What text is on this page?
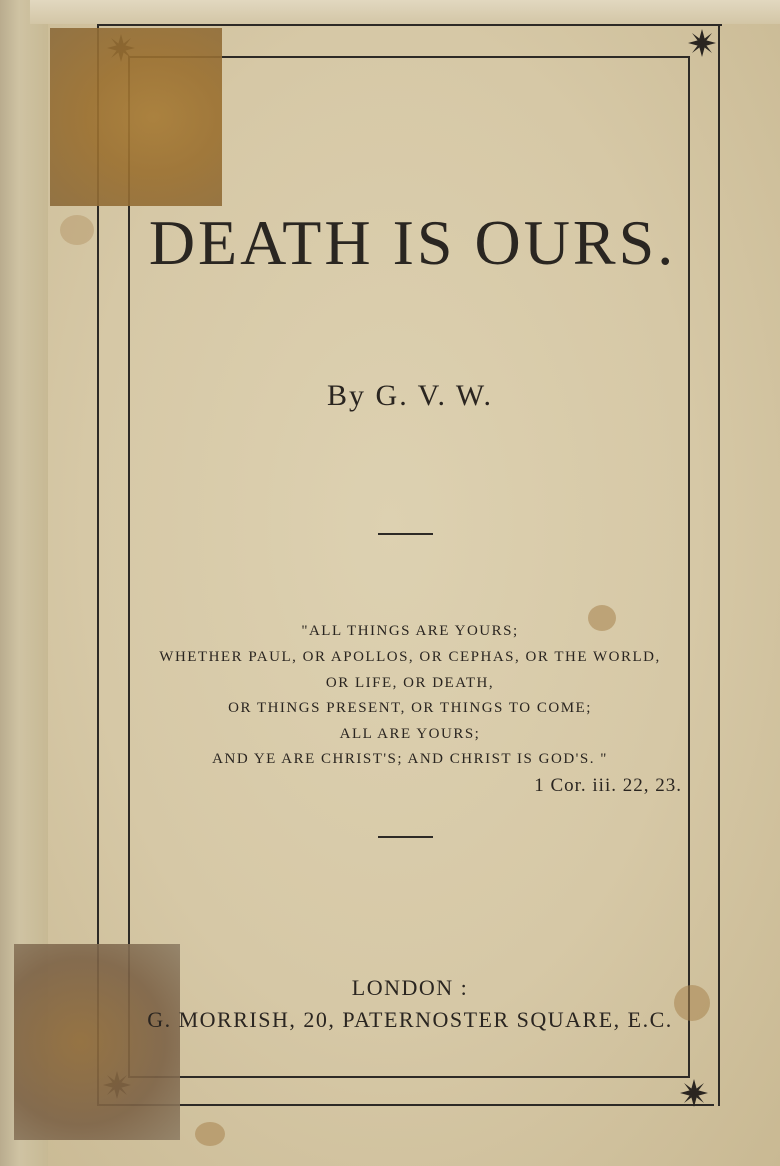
DEATH IS OURS.
By G. V. W.
"ALL THINGS ARE YOURS;
WHETHER PAUL, OR APOLLOS, OR CEPHAS, OR THE WORLD,
OR LIFE, OR DEATH,
OR THINGS PRESENT, OR THINGS TO COME;
ALL ARE YOURS;
AND YE ARE CHRIST'S; AND CHRIST IS GOD'S. "
1 Cor. iii. 22, 23.
LONDON :
G. MORRISH, 20, PATERNOSTER SQUARE, E.C.
